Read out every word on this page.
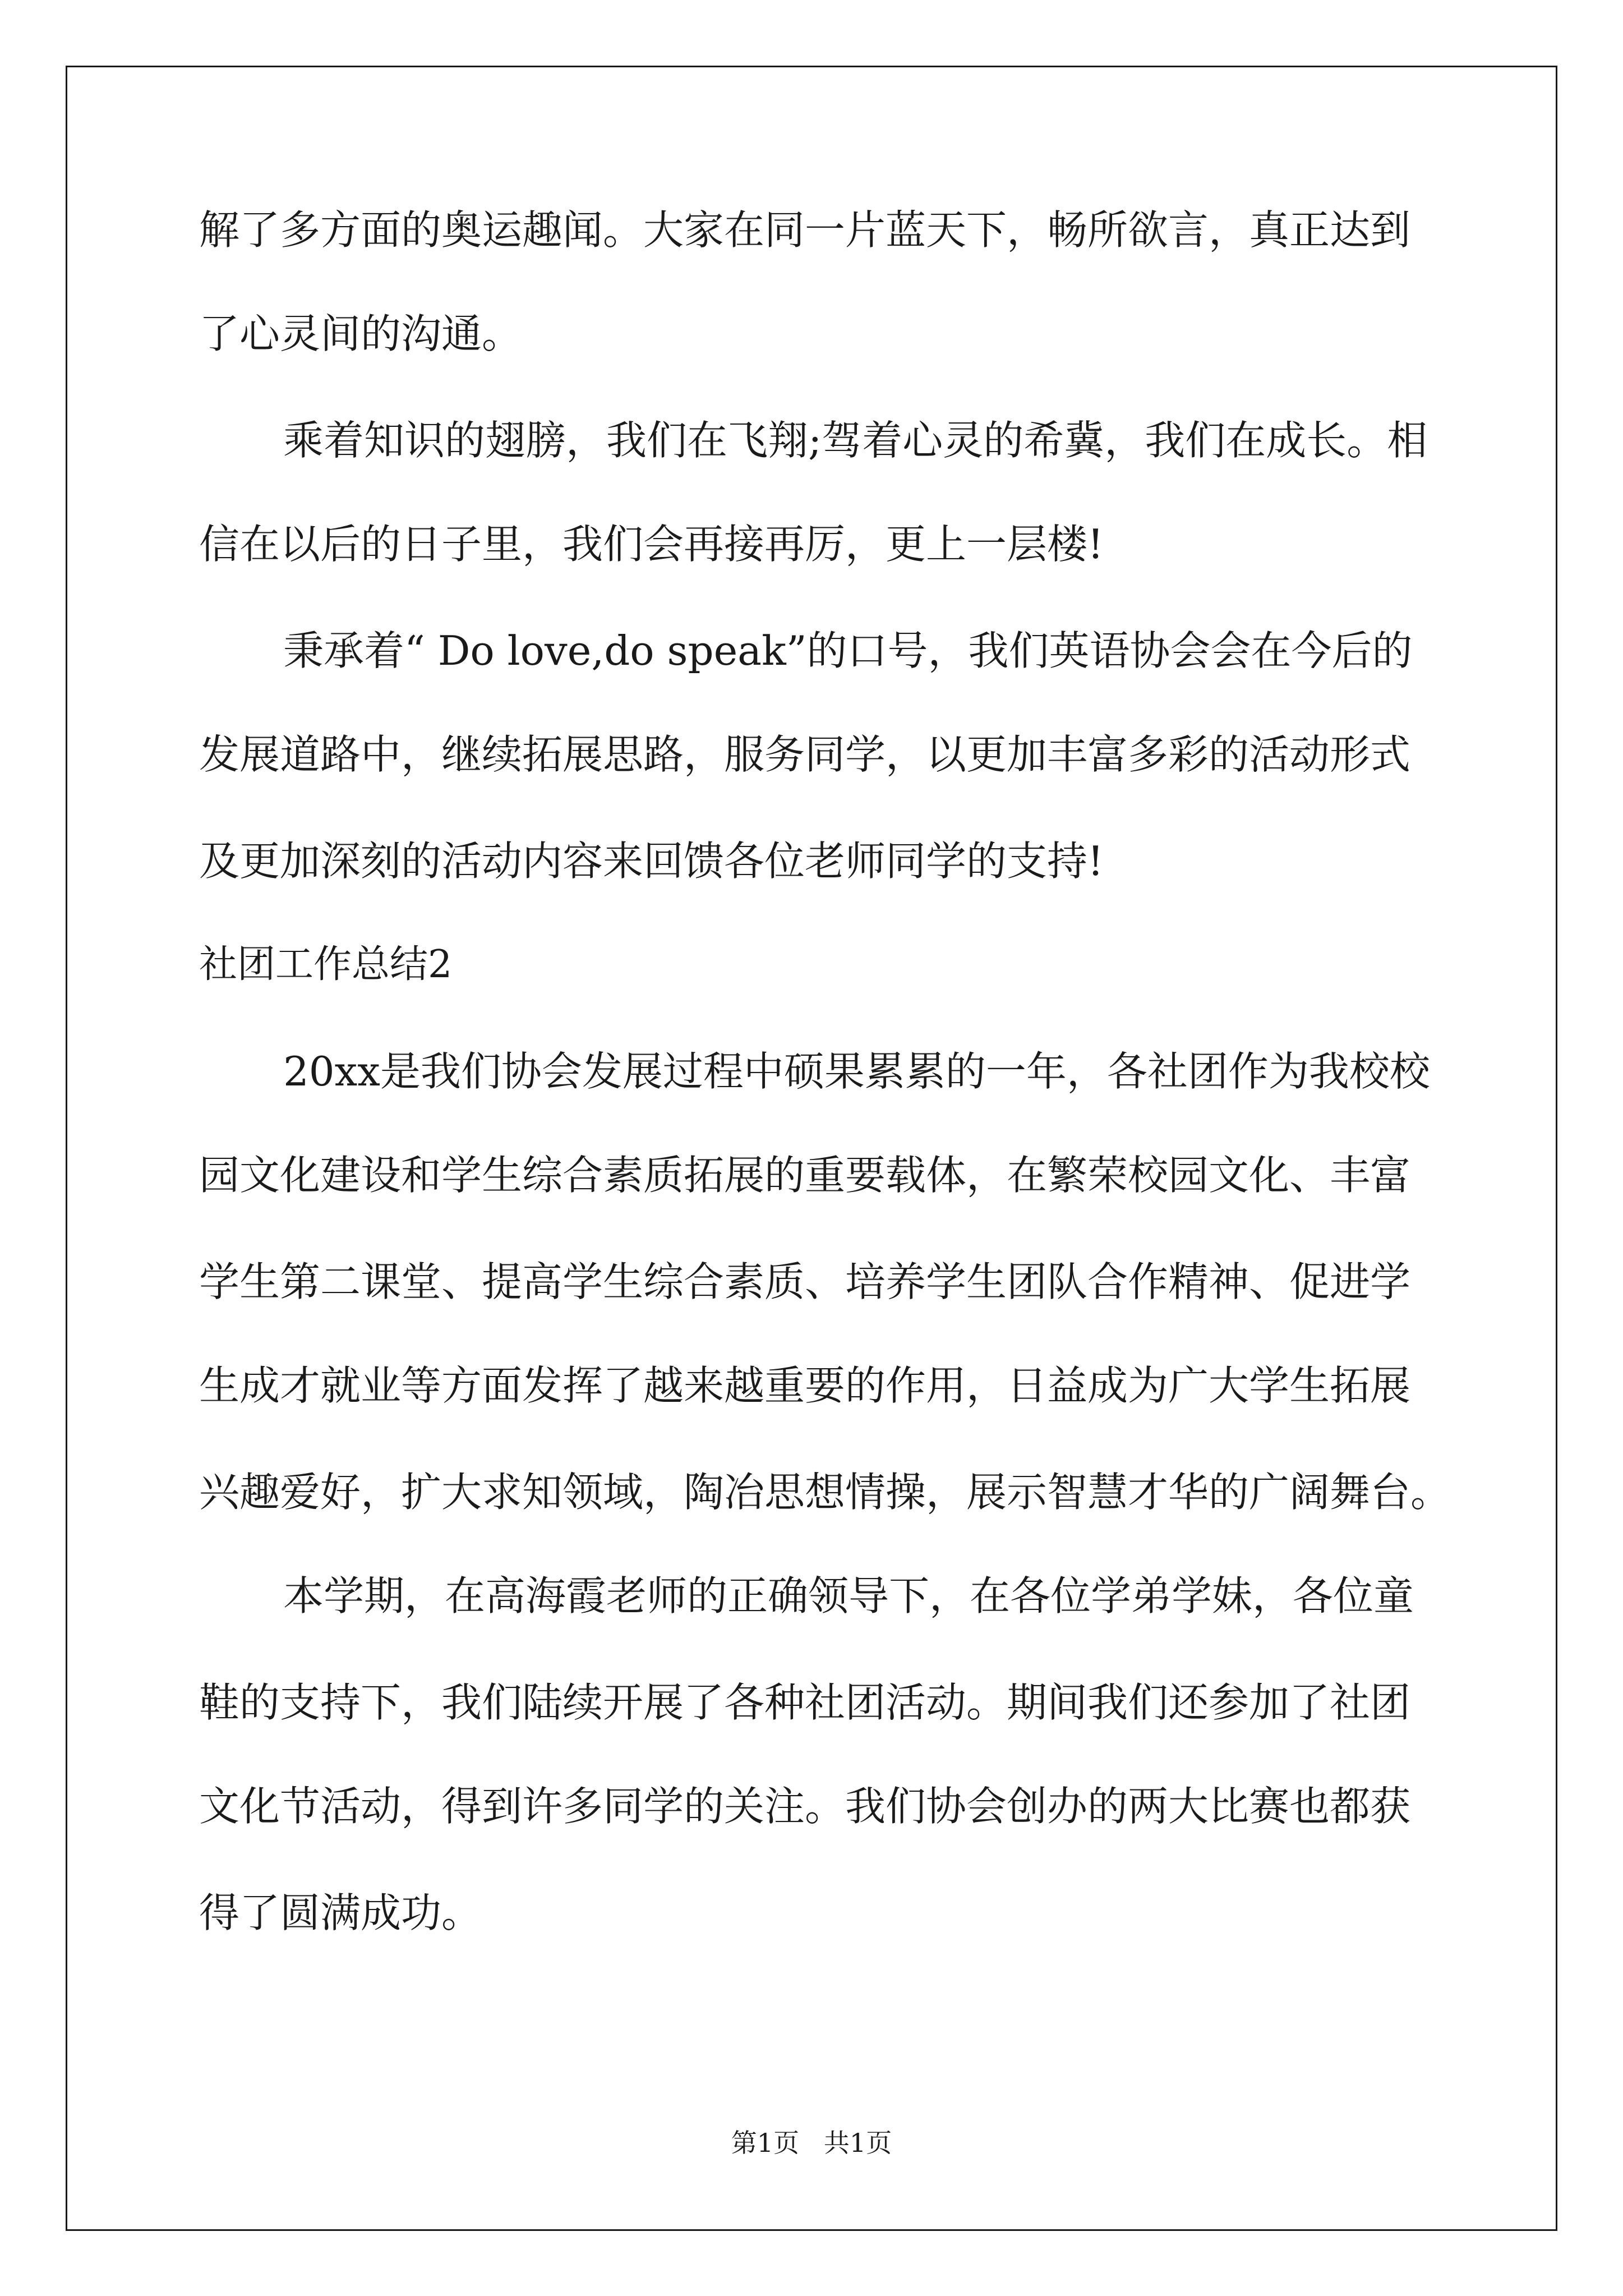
解了多方面的奥运趣闻。大家在同一片蓝天下，畅所欲言，真正达到
了心灵间的沟通。
乘着知识的翅膀，我们在飞翔;驾着心灵的希冀，我们在成长。相
信在以后的日子里，我们会再接再厉，更上一层楼!
秉承着“ Do love,do speak”的口号，我们英语协会会在今后的
发展道路中，继续拓展思路，服务同学，以更加丰富多彩的活动形式
及更加深刻的活动内容来回馈各位老师同学的支持!
社团工作总结2
20xx是我们协会发展过程中硕果累累的一年，各社团作为我校校
园文化建设和学生综合素质拓展的重要载体，在繁荣校园文化、丰富
学生第二课堂、提高学生综合素质、培养学生团队合作精神、促进学
生成才就业等方面发挥了越来越重要的作用，日益成为广大学生拓展
兴趣爱好，扩大求知领域，陶冶思想情操，展示智慧才华的广阔舞台。
本学期，在高海霞老师的正确领导下，在各位学弟学妹，各位童
鞋的支持下，我们陆续开展了各种社团活动。期间我们还参加了社团
文化节活动，得到许多同学的关注。我们协会创办的两大比赛也都获
得了圆满成功。
第1页   共1页
